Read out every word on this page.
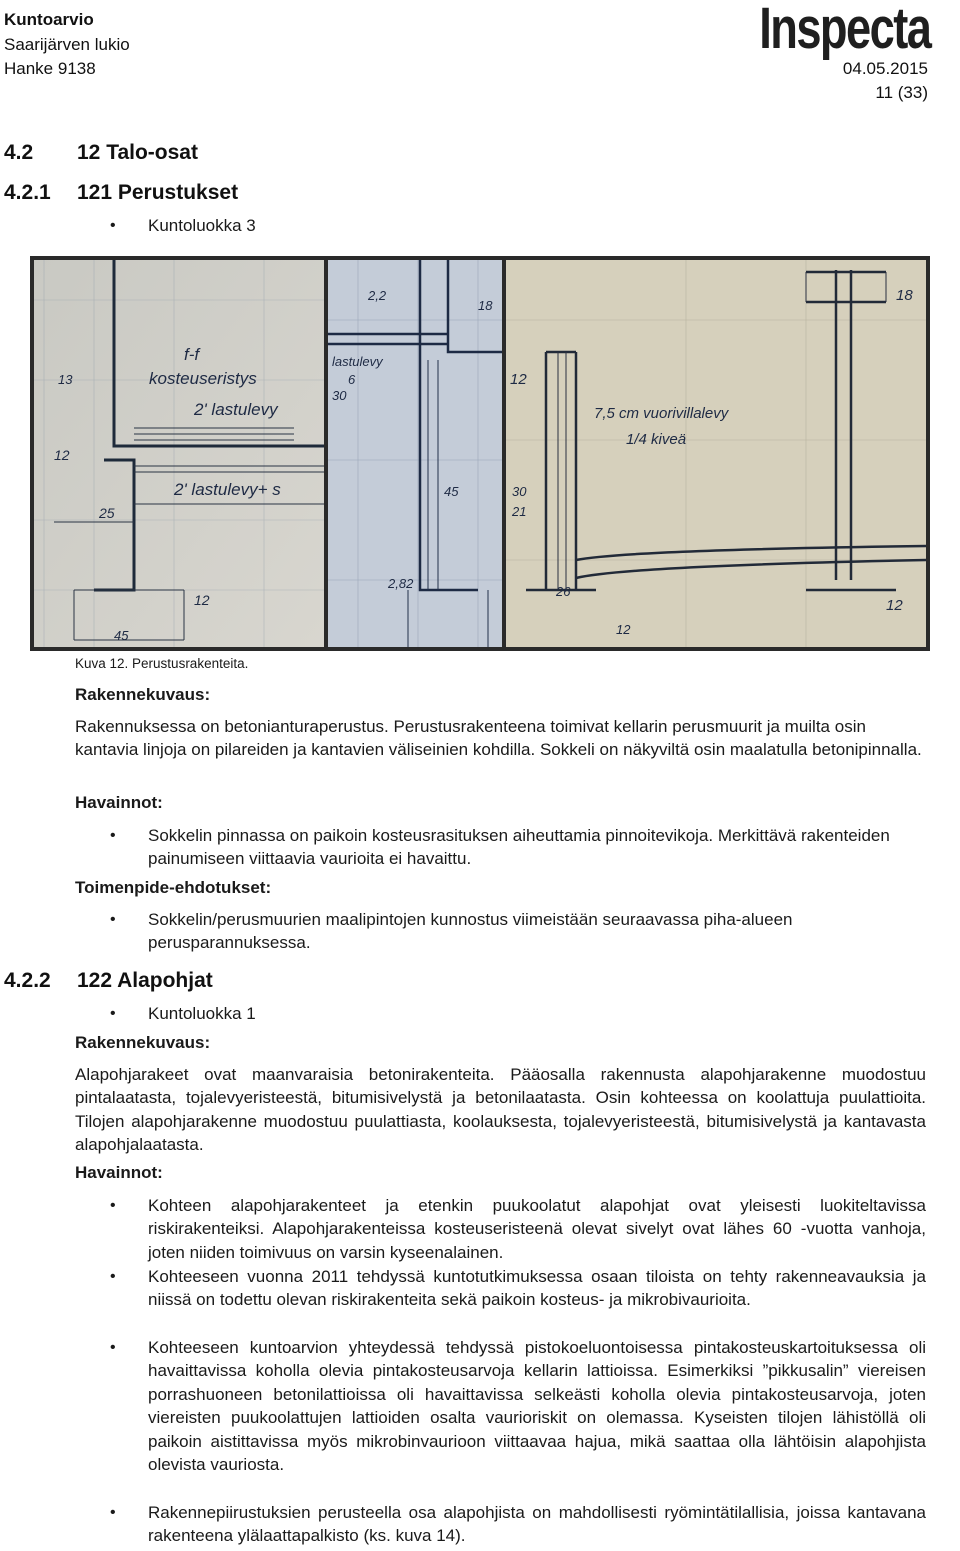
Kuntoarvio
Saarijärven lukio
Hanke 9138
Inspecta
04.05.2015
11 (33)
4.2 12 Talo-osat
4.2.1 121 Perustukset
• Kuntoluokka 3
f-f
kosteuseristys
2' lastulevy
2' lastulevy+ s
13
12
25
12
45
2,2
lastulevy
6
30
45
2,82
18
12
7,5 cm vuorivillalevy
1/4 kiveä
30
21
26
12
18
12
Kuva 12. Perustusrakenteita.
Rakennekuvaus:
Rakennuksessa on betonianturaperustus. Perustusrakenteena toimivat kellarin perusmuurit ja muilta osin kantavia linjoja on pilareiden ja kantavien väliseinien kohdilla. Sokkeli on näkyviltä osin maalatulla betonipinnalla.
Havainnot:
• Sokkelin pinnassa on paikoin kosteusrasituksen aiheuttamia pinnoitevikoja. Merkittävä rakenteiden painumiseen viittaavia vaurioita ei havaittu.
Toimenpide-ehdotukset:
• Sokkelin/perusmuurien maalipintojen kunnostus viimeistään seuraavassa piha-alueen perusparannuksessa.
4.2.2 122 Alapohjat
• Kuntoluokka 1
Rakennekuvaus:
Alapohjarakeet ovat maanvaraisia betonirakenteita. Pääosalla rakennusta alapohjarakenne muodostuu pintalaatasta, tojalevyeristeestä, bitumisivelystä ja betonilaatasta. Osin kohteessa on koolattuja puulattioita. Tilojen alapohjarakenne muodostuu puulattiasta, koolauksesta, tojalevyeristeestä, bitumisivelystä ja kantavasta alapohjalaatasta.
Havainnot:
• Kohteen alapohjarakenteet ja etenkin puukoolatut alapohjat ovat yleisesti luokiteltavissa riskirakenteiksi. Alapohjarakenteissa kosteuseristeenä olevat sivelyt ovat lähes 60 -vuotta vanhoja, joten niiden toimivuus on varsin kyseenalainen.
• Kohteeseen vuonna 2011 tehdyssä kuntotutkimuksessa osaan tiloista on tehty rakenneavauksia ja niissä on todettu olevan riskirakenteita sekä paikoin kosteus- ja mikrobivaurioita.
• Kohteeseen kuntoarvion yhteydessä tehdyssä pistokoeluontoisessa pintakosteuskartoituksessa oli havaittavissa koholla olevia pintakosteusarvoja kellarin lattioissa. Esimerkiksi ”pikkusalin” viereisen porrashuoneen betonilattioissa oli havaittavissa selkeästi koholla olevia pintakosteusarvoja, joten viereisten puukoolattujen lattioiden osalta vaurioriskit on olemassa. Kyseisten tilojen lähistöllä oli paikoin aistittavissa myös mikrobinvaurioon viittaavaa hajua, mikä saattaa olla lähtöisin alapohjista olevista vauriosta.
• Rakennepiirustuksien perusteella osa alapohjista on mahdollisesti ryömintätilallisia, joissa kantavana rakenteena ylälaattapalkisto (ks. kuva 14).
